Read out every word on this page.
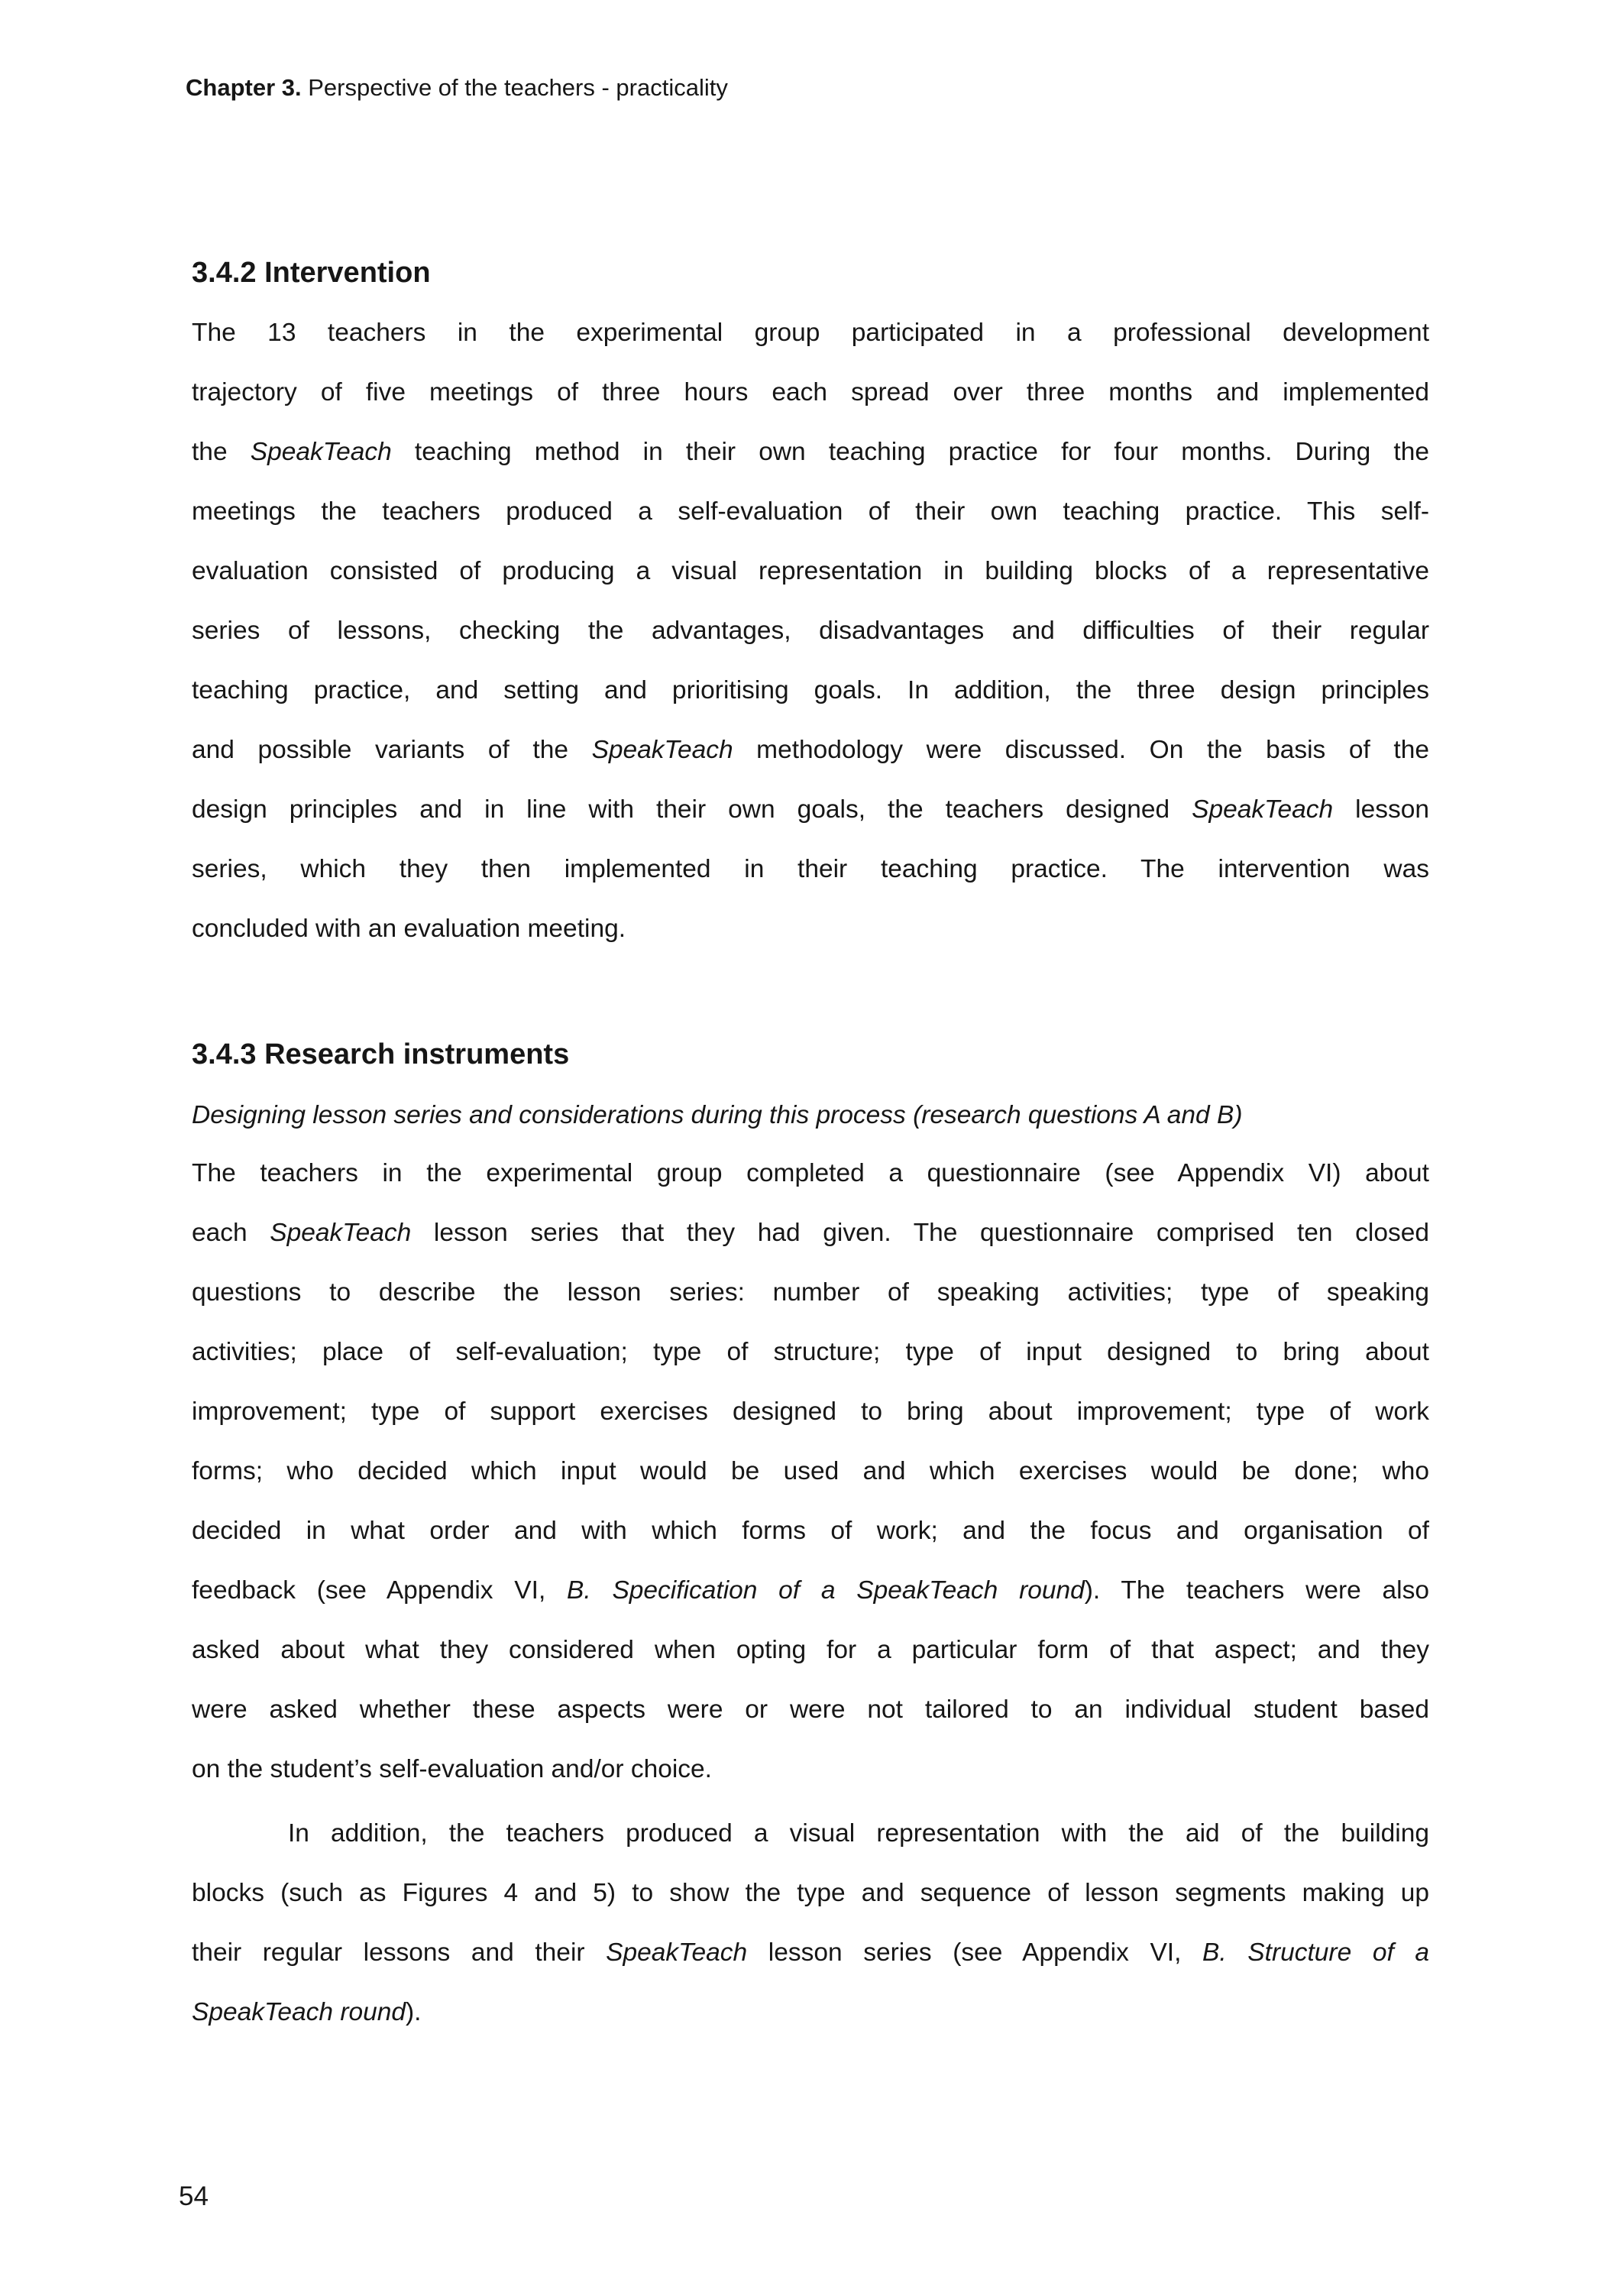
Chapter 3. Perspective of the teachers - practicality
3.4.2 Intervention
The 13 teachers in the experimental group participated in a professional development
trajectory of five meetings of three hours each spread over three months and implemented
the SpeakTeach teaching method in their own teaching practice for four months. During the
meetings the teachers produced a self-evaluation of their own teaching practice. This self-
evaluation consisted of producing a visual representation in building blocks of a representative
series of lessons, checking the advantages, disadvantages and difficulties of their regular
teaching practice, and setting and prioritising goals. In addition, the three design principles
and possible variants of the SpeakTeach methodology were discussed. On the basis of the
design principles and in line with their own goals, the teachers designed SpeakTeach lesson
series, which they then implemented in their teaching practice. The intervention was
concluded with an evaluation meeting.
3.4.3 Research instruments
Designing lesson series and considerations during this process (research questions A and B)
The teachers in the experimental group completed a questionnaire (see Appendix VI) about
each SpeakTeach lesson series that they had given. The questionnaire comprised ten closed
questions to describe the lesson series: number of speaking activities; type of speaking
activities; place of self-evaluation; type of structure; type of input designed to bring about
improvement; type of support exercises designed to bring about improvement; type of work
forms; who decided which input would be used and which exercises would be done; who
decided in what order and with which forms of work; and the focus and organisation of
feedback (see Appendix VI, B. Specification of a SpeakTeach round). The teachers were also
asked about what they considered when opting for a particular form of that aspect; and they
were asked whether these aspects were or were not tailored to an individual student based
on the student’s self-evaluation and/or choice.
In addition, the teachers produced a visual representation with the aid of the building
blocks (such as Figures 4 and 5) to show the type and sequence of lesson segments making up
their regular lessons and their SpeakTeach lesson series (see Appendix VI, B. Structure of a
SpeakTeach round).
54
